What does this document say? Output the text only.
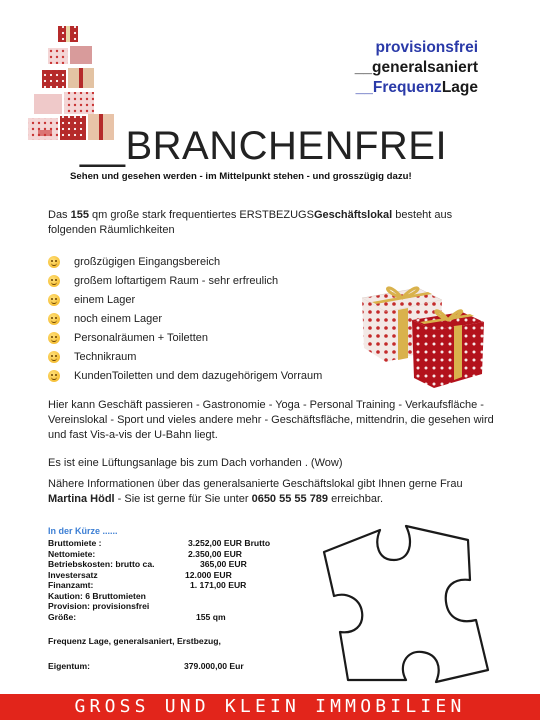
provisionsfrei
__generalsaniert
__FrequenzLage
__BRANCHENFREI
Sehen und gesehen werden - im Mittelpunkt stehen - und grosszügig dazu!
Das 155 qm große stark frequentiertes ERSTBEZUGSGeschäftslokal besteht aus folgenden Räumlichkeiten
großzügigen Eingangsbereich
großem loftartigem Raum - sehr erfreulich
einem Lager
noch einem Lager
Personalräumen + Toiletten
Technikraum
KundenToiletten und dem dazugehörigem Vorraum
Hier kann Geschäft passieren - Gastronomie - Yoga - Personal Training - Verkaufsfläche - Vereinslokal - Sport und vieles andere mehr - Geschäftsfläche, mittendrin, die gesehen wird und fast Vis-a-vis der U-Bahn liegt.
Es ist eine Lüftungsanlage bis zum Dach vorhanden . (Wow)
Nähere Informationen über das generalsanierte Geschäftslokal gibt Ihnen gerne Frau Martina Hödl - Sie ist gerne für Sie unter 0650 55 55 789 erreichbar.
In der Kürze ......
Bruttomiete :	3.252,00 EUR Brutto
Nettomiete:	2.350,00 EUR
Betriebskosten: brutto ca.	365,00 EUR
Investersatz	12.000 EUR
Finanzamt:	1. 171,00 EUR
Kaution: 6 Bruttomieten
Provision: provisionsfrei
Größe:	155 qm
Frequenz Lage, generalsaniert, Erstbezug,
Eigentum:	379.000,00 Eur
GROSS UND KLEIN IMMOBILIEN
